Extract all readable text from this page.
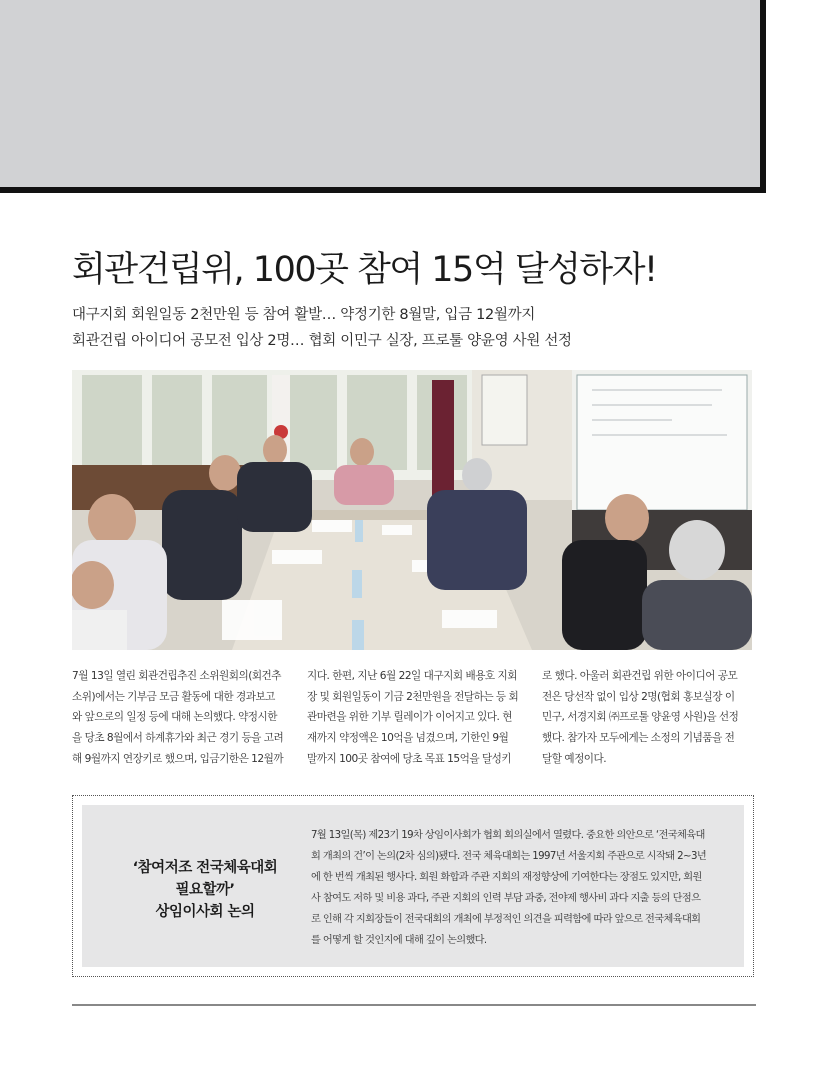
회관건립위, 100곳 참여 15억 달성하자!
대구지회 회원일동 2천만원 등 참여 활발… 약정기한 8월말, 입금 12월까지
회관건립 아이디어 공모전 입상 2명… 협회 이민구 실장, 프로툴 양윤영 사원 선정
7월 13일 열린 회관건립추진 소위원회의(회건추
소위)에서는 기부금 모금 활동에 대한 경과보고
와 앞으로의 일정 등에 대해 논의했다. 약정시한
을 당초 8월에서 하계휴가와 최근 경기 등을 고려
해 9월까지 연장키로 했으며, 입금기한은 12월까
지다. 한편, 지난 6월 22일 대구지회 배용호 지회
장 및 회원일동이 기금 2천만원을 전달하는 등 회
관마련을 위한 기부 릴레이가 이어지고 있다. 현
재까지 약정액은 10억을 넘겼으며, 기한인 9월
말까지 100곳 참여에 당초 목표 15억을 달성키
로 했다. 아울러 회관건립 위한 아이디어 공모
전은 당선작 없이 입상 2명(협회 홍보실장 이
민구, 서경지회 ㈜프로툴 양윤영 사원)을 선정
했다. 참가자 모두에게는 소정의 기념품을 전
달할 예정이다.
‘참여저조 전국체육대회
필요할까’
상임이사회 논의
7월 13일(목) 제23기 19차 상임이사회가 협회 회의실에서 열렸다. 중요한 의안으로 ‘전국체육대
회 개최의 건’이 논의(2차 심의)됐다. 전국 체육대회는 1997년 서울지회 주관으로 시작돼 2~3년
에 한 번씩 개최된 행사다. 회원 화합과 주관 지회의 재정향상에 기여한다는 장점도 있지만, 회원
사 참여도 저하 및 비용 과다, 주관 지회의 인력 부담 과중, 전야제 행사비 과다 지출 등의 단점으
로 인해 각 지회장들이 전국대회의 개최에 부정적인 의견을 피력함에 따라 앞으로 전국체육대회
를 어떻게 할 것인지에 대해 깊이 논의했다.
